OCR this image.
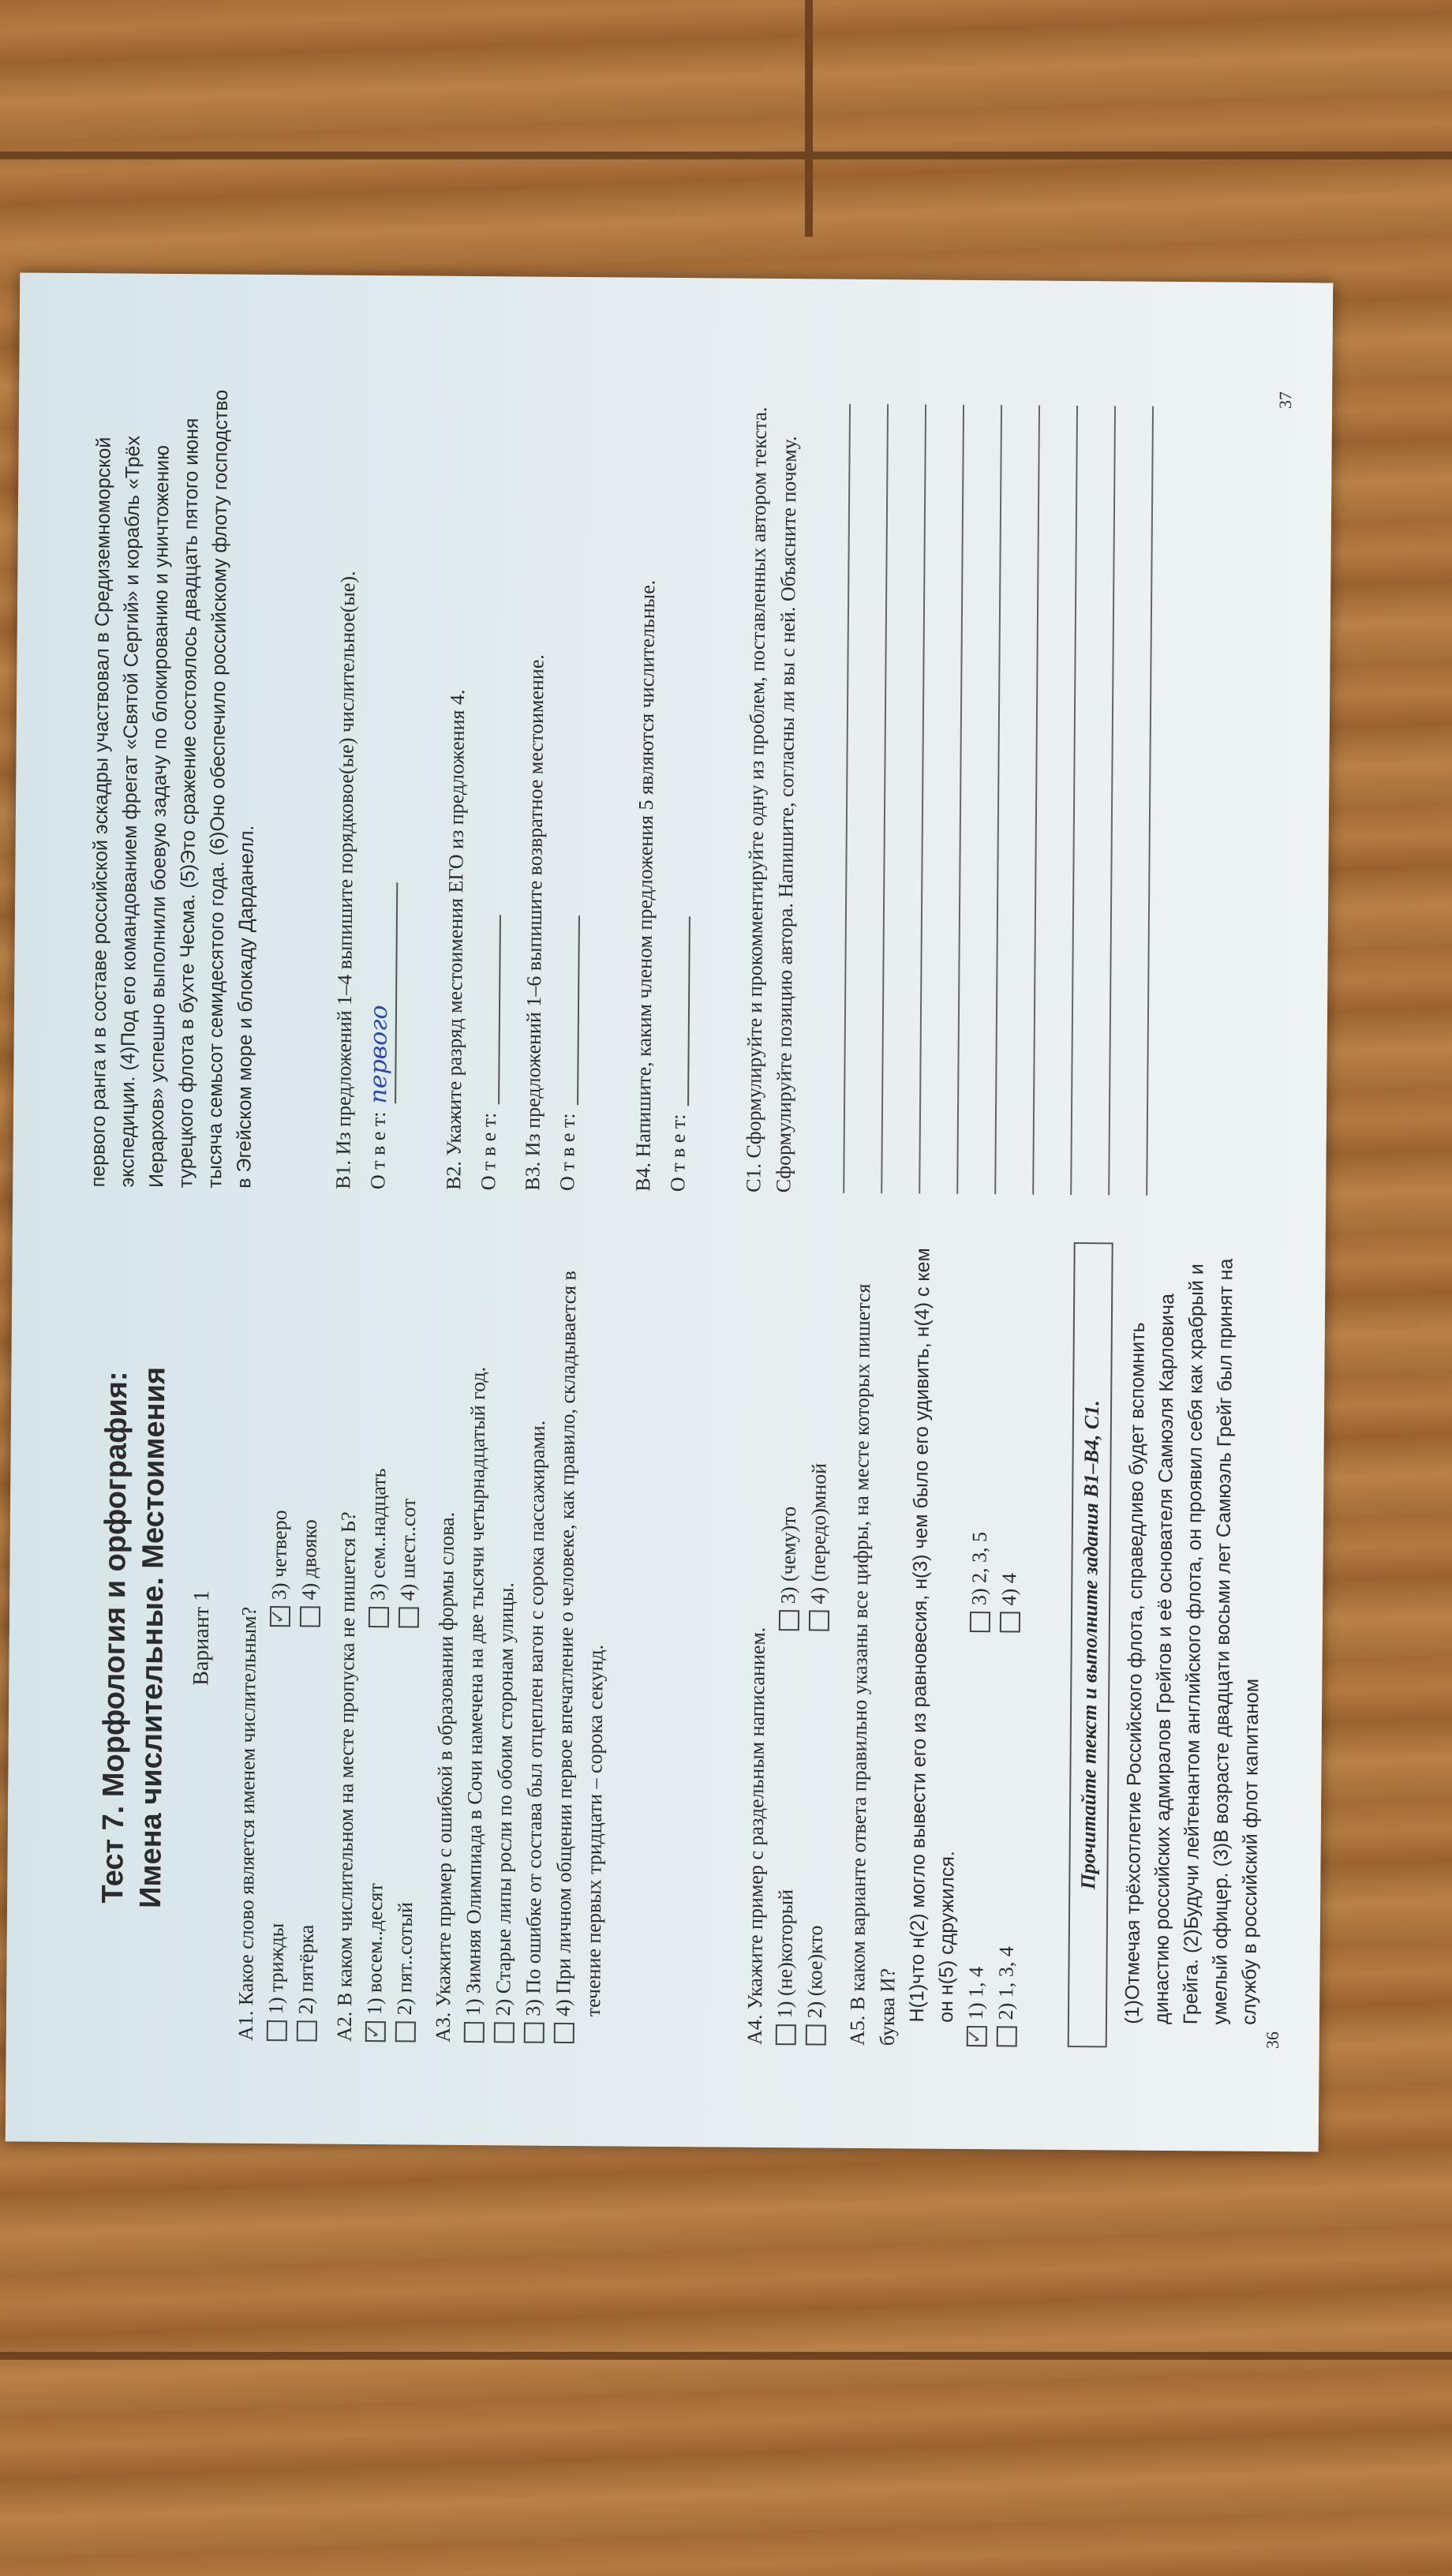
Тест 7. Морфология и орфография:
Имена числительные. Местоимения Вариант 1 A1. Какое слово является именем числительным? 1) трижды
✓
3) четверо
2) пятёрка
4) двояко A2. В каком числительном на месте пропуска не пишется Ь?

✓ 1) восем..десят
3) сем..надцать
2) пят..сотый
4) шест..сот A3. Укажите пример с ошибкой в образовании формы слова. 1) Зимняя Олимпиада в Сочи намечена на две тысячи четырнадцатый год. 2) Старые липы росли по обоим сторонам улицы. 3) По ошибке от состава был отцеплен вагон с сорока пассажирами. 4) При личном общении первое впечатление о человеке, как правило, складывается в течение первых тридцати – сорока секунд.	A4. Укажите пример с раздельным написанием. 1) (не)который
3) (чему)то
2) (кое)кто
4) (передо)мной A5. В каком варианте ответа правильно указаны все цифры, на месте которых пишется буква И? Н(1)что н(2) могло вывести его из равновесия, н(3) чем было его удивить, н(4) с кем он н(5) сдружился.

✓ 1) 1, 4
3) 2, 3, 5
2) 1, 3, 4
4) 4	Прочитайте текст и выполните задания B1–B4, C1. (1)Отмечая трёхсотлетие Российского флота, справедливо будет вспомнить династию российских адмиралов Грейгов и её основателя Самюэля Карловича Грейга. (2)Будучи лейтенантом английского флота, он проявил себя как храбрый и умелый офицер. (3)В возрасте двадцати восьми лет Самюэль Грейг был принят на службу в российский флот капитаном

36

первого ранга и в составе российской эскадры участвовал в Средиземноморской экспедиции. (4)Под его командованием фрегат «Святой Сергий» и корабль «Трёх Иерархов» успешно выполнили боевую задачу по блокированию и уничтожению турецкого флота в бухте Чесма. (5)Это сражение состоялось двадцать пятого июня тысяча семьсот семидесятого года. (6)Оно обеспечило российскому флоту господство в Эгейском море и блокаду Дарданелл.	B1. Из предложений 1–4 выпишите порядковое(ые) числительное(ые). О т в е т:
первого B2. Укажите разряд местоимения ЕГО из предложения 4. О т в е т: B3. Из предложений 1–6 выпишите возвратное местоимение. О т в е т:	B4. Напишите, каким членом предложения 5 являются числительные. О т в е т:	C1. Сформулируйте и прокомментируйте одну из проблем, поставленных автором текста. Сформулируйте позицию автора. Напишите, согласны ли вы с ней. Объясните почему.

37
